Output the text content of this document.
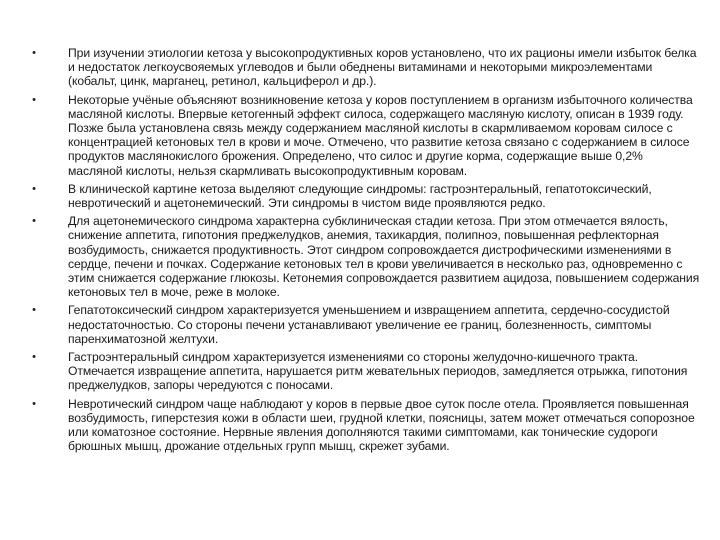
•	При изучении этиологии кетоза у высокопродуктивных коров установлено, что их рационы имели избыток белка и недостаток легкоусвояемых углеводов и были обеднены витаминами и некоторыми микроэлементами (кобальт, цинк, марганец, ретинол, кальциферол и др.).
•	Некоторые учёные объясняют возникновение кетоза у коров поступлением в организм избыточного количества масляной кислоты. Впервые кетогенный эффект силоса, содержащего масляную кислоту, описан в 1939 году. Позже была установлена связь между содержанием масляной кислоты в скармливаемом коровам силосе с концентрацией кетоновых тел в крови и моче. Отмечено, что развитие кетоза связано с содержанием в силосе продуктов маслянокислого брожения. Определено, что силос и другие корма, содержащие выше 0,2% масляной кислоты, нельзя скармливать высокопродуктивным коровам.
•	В клинической картине кетоза выделяют следующие синдромы: гастроэнтеральный, гепатотоксический, невротический и ацетонемический. Эти синдромы в чистом виде проявляются редко.
•	Для ацетонемического синдрома характерна субклиническая стадии кетоза. При этом отмечается вялость, снижение аппетита, гипотония преджелудков, анемия, тахикардия, полипноэ, повышенная рефлекторная возбудимость, снижается продуктивность. Этот синдром сопровождается дистрофическими изменениями в сердце, печени и почках. Содержание кетоновых тел в крови увеличивается в несколько раз, одновременно с этим снижается содержание глюкозы. Кетонемия сопровождается развитием ацидоза, повышением содержания кетоновых тел в моче, реже в молоке.
•	Гепатотоксический синдром характеризуется уменьшением и извращением аппетита, сердечно-сосудистой недостаточностью. Со стороны печени устанавливают увеличение ее границ, болезненность, симптомы паренхиматозной желтухи.
•	Гастроэнтеральный синдром характеризуется изменениями со стороны желудочно-кишечного тракта. Отмечается извращение аппетита, нарушается ритм жевательных периодов, замедляется отрыжка, гипотония преджелудков, запоры чередуются с поносами.
•	Невротический синдром чаще наблюдают у коров в первые двое суток после отела. Проявляется повышенная возбудимость, гиперстезия кожи в области шеи, грудной клетки, поясницы, затем может отмечаться сопорозное или коматозное состояние. Нервные явления дополняются такими симптомами, как тонические судороги брюшных мышц, дрожание отдельных групп мышц, скрежет зубами.
